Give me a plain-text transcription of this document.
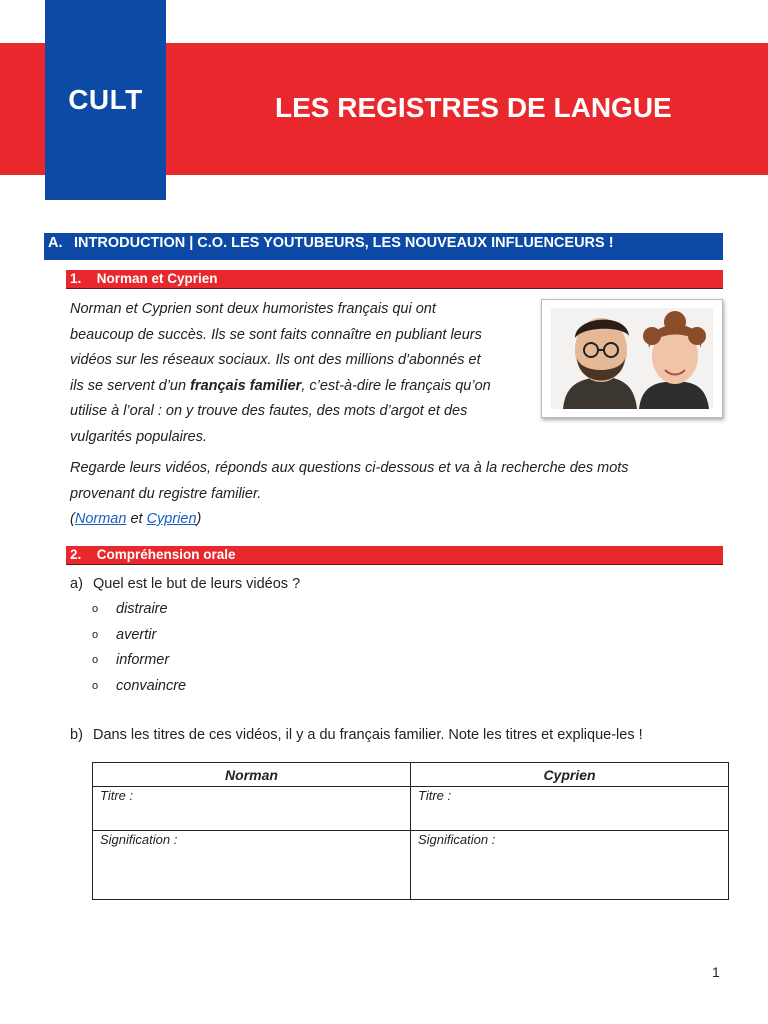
CULT	LES REGISTRES DE LANGUE
A. INTRODUCTION | C.O. LES YOUTUBEURS, LES NOUVEAUX INFLUENCEURS !
1. Norman et Cyprien
Norman et Cyprien sont deux humoristes français qui ont
beaucoup de succès. Ils se sont faits connaître en publiant leurs
vidéos sur les réseaux sociaux. Ils ont des millions d'abonnés et
ils se servent d’un français familier, c’est-à-dire le français qu’on
utilise à l’oral : on y trouve des fautes, des mots d’argot et des
vulgarités populaires.
Regarde leurs vidéos, réponds aux questions ci-dessous et va à la recherche des mots
provenant du registre familier.
(Norman et Cyprien)
2. Compréhension orale
a) Quel est le but de leurs vidéos ?
o distraire
o avertir
o informer
o convaincre
b) Dans les titres de ces vidéos, il y a du français familier. Note les titres et explique-les !
Norman	Cyprien
Titre :	Titre :
Signification :	Signification :
1
